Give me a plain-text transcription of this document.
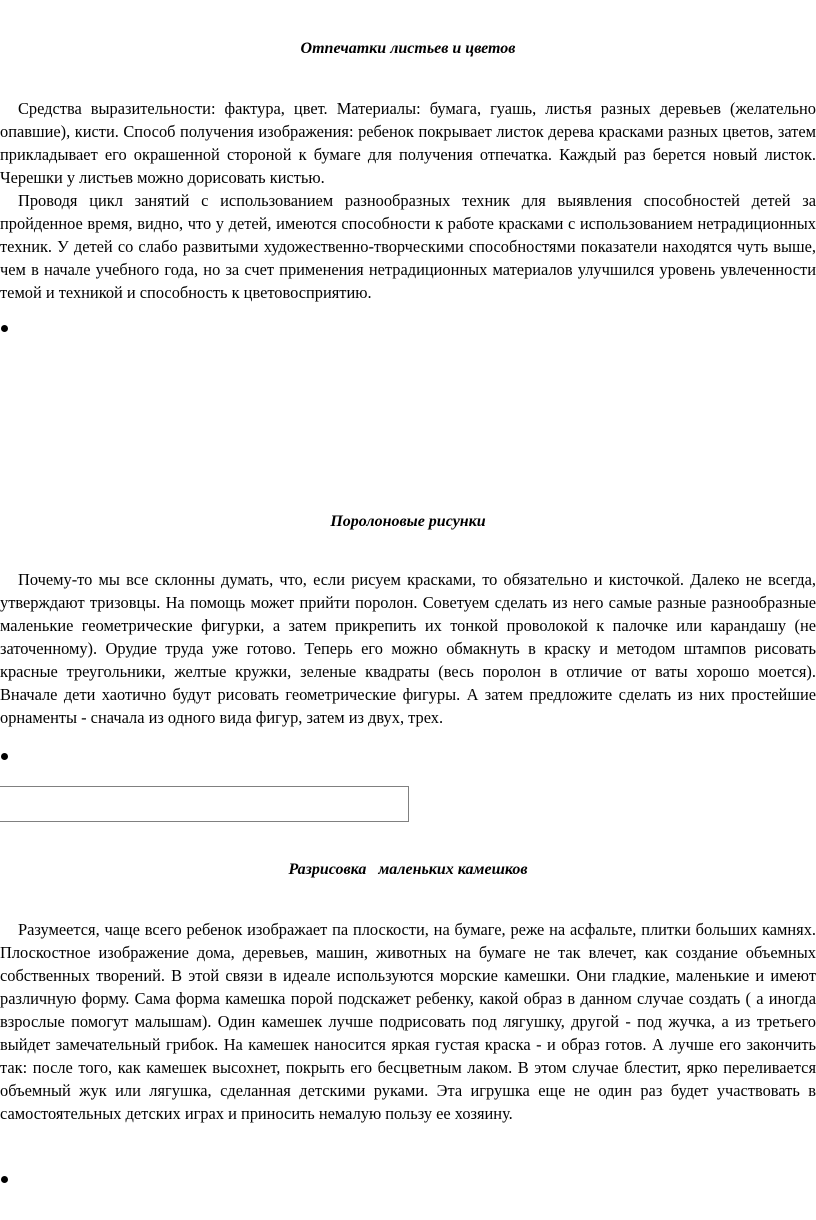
Отпечатки листьев и цветов

Средства выразительности: фактура, цвет. Материалы: бумага, гуашь, листья разных деревьев (желательно опавшие), кисти. Способ получения изображения: ребенок покрывает листок дерева красками разных цветов, затем прикладывает его окрашенной стороной к бумаге для получения отпечатка. Каждый раз берется новый листок. Черешки у листьев можно дорисовать кистью.

Проводя цикл занятий с использованием разнообразных техник для выявления способностей детей за пройденное время, видно, что у детей, имеются способности к работе красками с использованием нетрадиционных техник. У детей со слабо развитыми художественно-творческими способностями показатели находятся чуть выше, чем в начале учебного года, но за счет применения нетрадиционных материалов улучшился уровень увлеченности темой и техникой и способность к цветовосприятию.

Поролоновые рисунки

Почему-то мы все склонны думать, что, если рисуем красками, то обязательно и кисточкой. Далеко не всегда, утверждают тризовцы. На помощь может прийти поролон. Советуем сделать из него самые разные разнообразные маленькие геометрические фигурки, а затем прикрепить их тонкой проволокой к палочке или карандашу (не заточенному). Орудие труда уже готово. Теперь его можно обмакнуть в краску и методом штампов рисовать красные треугольники, желтые кружки, зеленые квадраты (весь поролон в отличие от ваты хорошо моется). Вначале дети хаотично будут рисовать геометрические фигуры. А затем предложите сделать из них простейшие орнаменты - сначала из одного вида фигур, затем из двух, трех.

Разрисовка   маленьких камешков

Разумеется, чаще всего ребенок изображает па плоскости, на бумаге, реже на асфальте, плитки больших камнях. Плоскостное изображение дома, деревьев, машин, животных на бумаге не так влечет, как создание объемных собственных творений. В этой связи в идеале используются морские камешки. Они гладкие, маленькие и имеют различную форму. Сама форма камешка порой подскажет ребенку, какой образ в данном случае создать ( а иногда взрослые помогут малышам). Один камешек лучше подрисовать под лягушку, другой - под жучка, а из третьего выйдет замечательный грибок. На камешек наносится яркая густая краска - и образ готов. А лучше его закончить так: после того, как камешек высохнет, покрыть его бесцветным лаком. В этом случае блестит, ярко переливается объемный жук или лягушка, сделанная детскими руками. Эта игрушка еще не один раз будет участвовать в самостоятельных детских играх и приносить немалую пользу ее хозяину.
